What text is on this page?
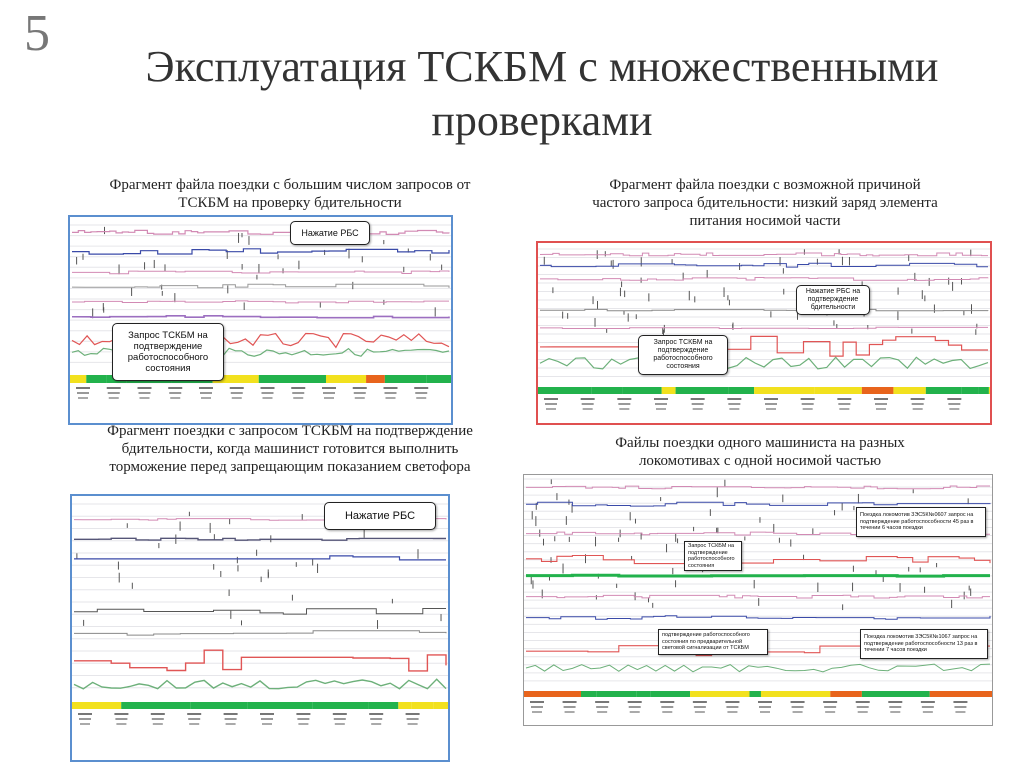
5
Эксплуатация ТСКБМ с множественными
проверками
Фрагмент файла поездки с большим числом запросов от
ТСКБМ на проверку бдительности
Нажатие РБС
Запрос ТСКБМ на подтверждение работоспособного состояния
Фрагмент файла поездки с возможной причиной
частого запроса бдительности: низкий заряд элемента
питания носимой части
Нажатие РБС на подтверждение бдительности
Запрос ТСКБМ на подтверждение работоспособного состояния
Фрагмент поездки с запросом ТСКБМ на подтверждение
бдительности, когда машинист готовится выполнить
торможение перед запрещающим показанием светофора
Нажатие РБС
Файлы поездки одного машиниста на разных
локомотивах с одной носимой частью
Поездка локомотив 3ЭС5К№0607 запрос на подтверждение работоспособности 45 раз в течении 6 часов поездки
Запрос ТСКБМ на подтверждение работоспособного состояния
подтверждение работоспособного состояния по предварительной световой сигнализации от ТСКБМ
Поездка локомотив 3ЭС5К№1067 запрос на подтверждение работоспособности 13 раз в течении 7 часов поездки
